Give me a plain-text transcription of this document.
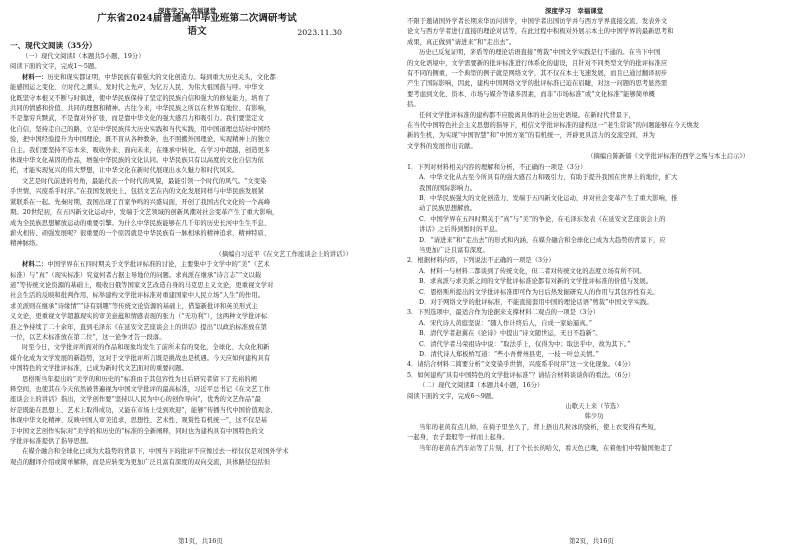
深度学习 幸福课堂
广东省2024届普通高中毕业班第二次调研考试
语文	2023.11.30
一、现代文阅读（35分）
（一）现代文阅读Ⅰ（本题共5小题，19分）
阅读下面的文字，完成1～5题。
材料一：历史和现实都证明，中华民族有着强大的文化创造力。每到重大历史关头，文化都
能感国运之变化、立时代之潮头、发时代之先声，为亿万人民、为伟大祖国鼓与呼。中华文
化既坚守本根又不断与时俱进，使中华民族保持了坚定的民族自信和强大的修复能力，培育了
共同的情感和价值、共同的理想和精神。古往今来，中华民族之所以在世界有地位、有影响，
不是靠穷兵黩武，不是靠对外扩张，而是靠中华文化的强大感召力和吸引力。我们要坚定文
化自信，坚持走自己的路，立足中华民族伟大历史实践和当代实践，用中国道理总结好中国经
验，把中国经验提升为中国理论，既不盲从各种教条，也不照搬外国理论，实现精神上的独立
自主。我们要坚持不忘本来、吸收外来、面向未来，在继承中转化，在学习中超越，创造更多
体现中华文化基因的作品，增强中华民族的文化认同。中华民族只有以高度的文化自信为依
托，才能实现复兴的伟大梦想，让中华文化在新时代展现出永久魅力和时代风采。
文艺是时代前进的号角，最能代表一个时代的风貌，最能引领一个时代的风气。“文变染
乎世情，兴废系乎时序。”在我国发展史上，包括文艺在内的文化发展同样与中华民族发展紧
紧联系在一起。先秦时期，我国出现了百家争鸣的兴盛局面，开创了我国古代文化的一个高峰
期。20世纪初，在五四新文化运动中，发端于文艺领域的创新风潮对社会变革产生了重大影响，
成为全民族思想解放运动的重要引擎。为什么中华民族能够在几千年的历史长河中生生不息、
薪火相传、顽强发展呢？很重要的一个原因就是中华民族有一脉相承的精神追求、精神特质、
精神脉络。
（摘编自习近平《在文艺工作座谈会上的讲话》）
材料二：中国学界在五四时期关于文学批评标准的讨论，主要集中于文学中的“美”（艺术
标准）与“真”（现实标准）究竟何者占据主导地位的问题。求真派在继承“诗言志”“文以载
道”等传统文论资源的基础上，吸收日俄等国家文艺改造自身的马克思主义文论，更重视文学对
社会生活的反映和批判作用，标举建构文学批评标准对重建国家中人民立场“人生”的作用。
求美派则在继承“诗缘情”“诗有别趣”等传统文论资源的基础上，借鉴新批评和英美形式主
义文论，更重视文学超越现实的审美意蕴和情感表现的张力（“无功利”），这两种文学批评标
准之争持续了二十余年，直到毛泽东《在延安文艺座谈会上的讲话》提出“以政治标准放在第
一位，以艺术标准放在第二位”，这一论争才告一段落。
时至今日，文学批评所面对的作品和现象均发生了前所未有的变化，全球化、大众化和新
媒介化成为文学发展的新趋势，这对于文学批评所言既是挑战也是机遇。今天应如何建构具有
中国特色的文学批评标准，已成为新时代文艺面对的重要问题。
思格斯当年提出的“美学的和历史的”标准由于其包容性为日后研究者留下了充裕的阐
释空间，也使其在今天依然被普遍视为中国文学批评的最高标准，习近平总书记《在文艺工作
座谈会上的讲话》指出，文学创作要“坚持以人民为中心的创作导向”，优秀的文艺作品“最
好是既能在思想上、艺术上取得成功，又能在市场上受到欢迎”，能够“传播当代中国价值观念、
体现中华文化精神、反映中国人审美追求，思想性、艺术性、观赏性有机统一”，这不仅是基
于中国文艺创作实际对“美学的和历史的”标准的全新阐释，同时也为建构具有中国特色的文
学批评标准提供了指导思想。
在媒介融合和全球化已成为大趋势的背景下，中国当下的批评不应像过去一样仅仅是对国外学术
观点的翻译介绍或简单解释，而是应转变为更加广泛且富有深度的双向交流，具体路径包括但
第1页，共16页
深度学习 幸福课堂
不限于邀请国外学者长期来华访问讲学，中国学者出国访学并与西方学界直接交流、发表外文
论文与西方学者进行直接的理论对话等，在此过程中积极对外展示本土的中国学界的最新思考和
成果，真正做到“请进来”和“走出去”。
历史已反复证明，茅盾等的理论话语直接“剪裁”中国文学实践是行不通的。在当下中国
的文化语境中，文学需要新的批评标准进行体系化的建设，且针对不同类型文学的批评标准应
有不同的侧重，一个典型的例子就是网络文学，其不仅在本土飞速发展，而且已通过翻译初步
产生了国际影响，因此，建构中国网络文学的批评标准已迫在眉睫，对这一问题的思考显然需
要考虑到文化、资本、市场与媒介等诸多因素，而非“市场标准”或“文化标准”能够简单概
括。
任何文学批评标准的建构都不应脱离具体的社会历史语境。在新时代背景下，
在当代中国特色社会主义思想的指导下，相信文学批评标准的建构这一“老生常谈”的问题能够在今天焕发
新的生机，为实现“中国智慧”和“中国方案”的有机统一，开辟更具活力的交流空间，并为
文学科的发展作出贡献。
（摘编自陈新儒《文学批评标准的西学之殇与本土启示》）
1．下列对材料相关内容的理解和分析，不正确的一项是（3分）
A．中华文化从古至今所具有的强大感召力和吸引力，有助于提升我国在世界上的地位，扩大
我国的国际影响力。
B．中华民族强大的文化创造力，发端于五四新文化运动，并对社会变革产生了重大影响，推
动了民族思想解放。
C．中国学界在五四时期关于“真”与“美”的争论，在毛泽东发表《在延安文艺座谈会上的
讲话》之后得到暂时的平息。
D．“请进来”和“走出去”的形式和内涵，在媒介融合和全球化已成为大趋势的背景下，应
当更加广泛且富有深度。
2．根据材料内容，下列说法不正确的一项是（3分）
A．材料一与材料二都谈到了传统文化，但二者对传统文化的态度立场有所不同。
B．求真派与求美派之间的文学批评标准论都有对新的文学批评标准的价值与发展。
C．恩格斯所提出的文学批评标准即可作为日后热发掘研究人的作用与其包容性有关。
D．对于网络文学的批评标准，不能直接套用中国的理论话语“剪裁”中国文学实践。
3．下列选项中，最适合作为论据来支撑材料二观点的一项是（3分）
A．宋代诗人黄庭坚说：“随人作计终后人，自成一家始逼真。”
B．清代学者赵翼在《论诗》中提出“诗文随世运，无日不趋新”。
C．清代学者马荣祖诗中说：“取法乎上，仅得为中；取法乎中，故为其下。”
D．清代诗人郑板桥写道：“些小吾曹州县吏，一枝一叶总关情。”
4．请结合材料二简要分析“文变染乎世情，兴废系乎时序”这一文化现象。（4分）
5．如何建构“具有中国特色的文学批评标准”？请结合材料谈谈你的看法。（6分）
（二）现代文阅读Ⅱ（本题共4小题，16分）
阅读下面的文字，完成6～9题。
山歌天上来（节选）
韩少功
当年的老黄有点儿帅，在椅子里坐久了，背上捂出几粒冰的骁析，使上衣变得有些短，
一起身，衣子套般等一样而上起身。
当年的老黄在汽车站等了片刻，打了个长长的哈欠，看天色已晚，在着他们中特做国他走了
第2页，共16页
